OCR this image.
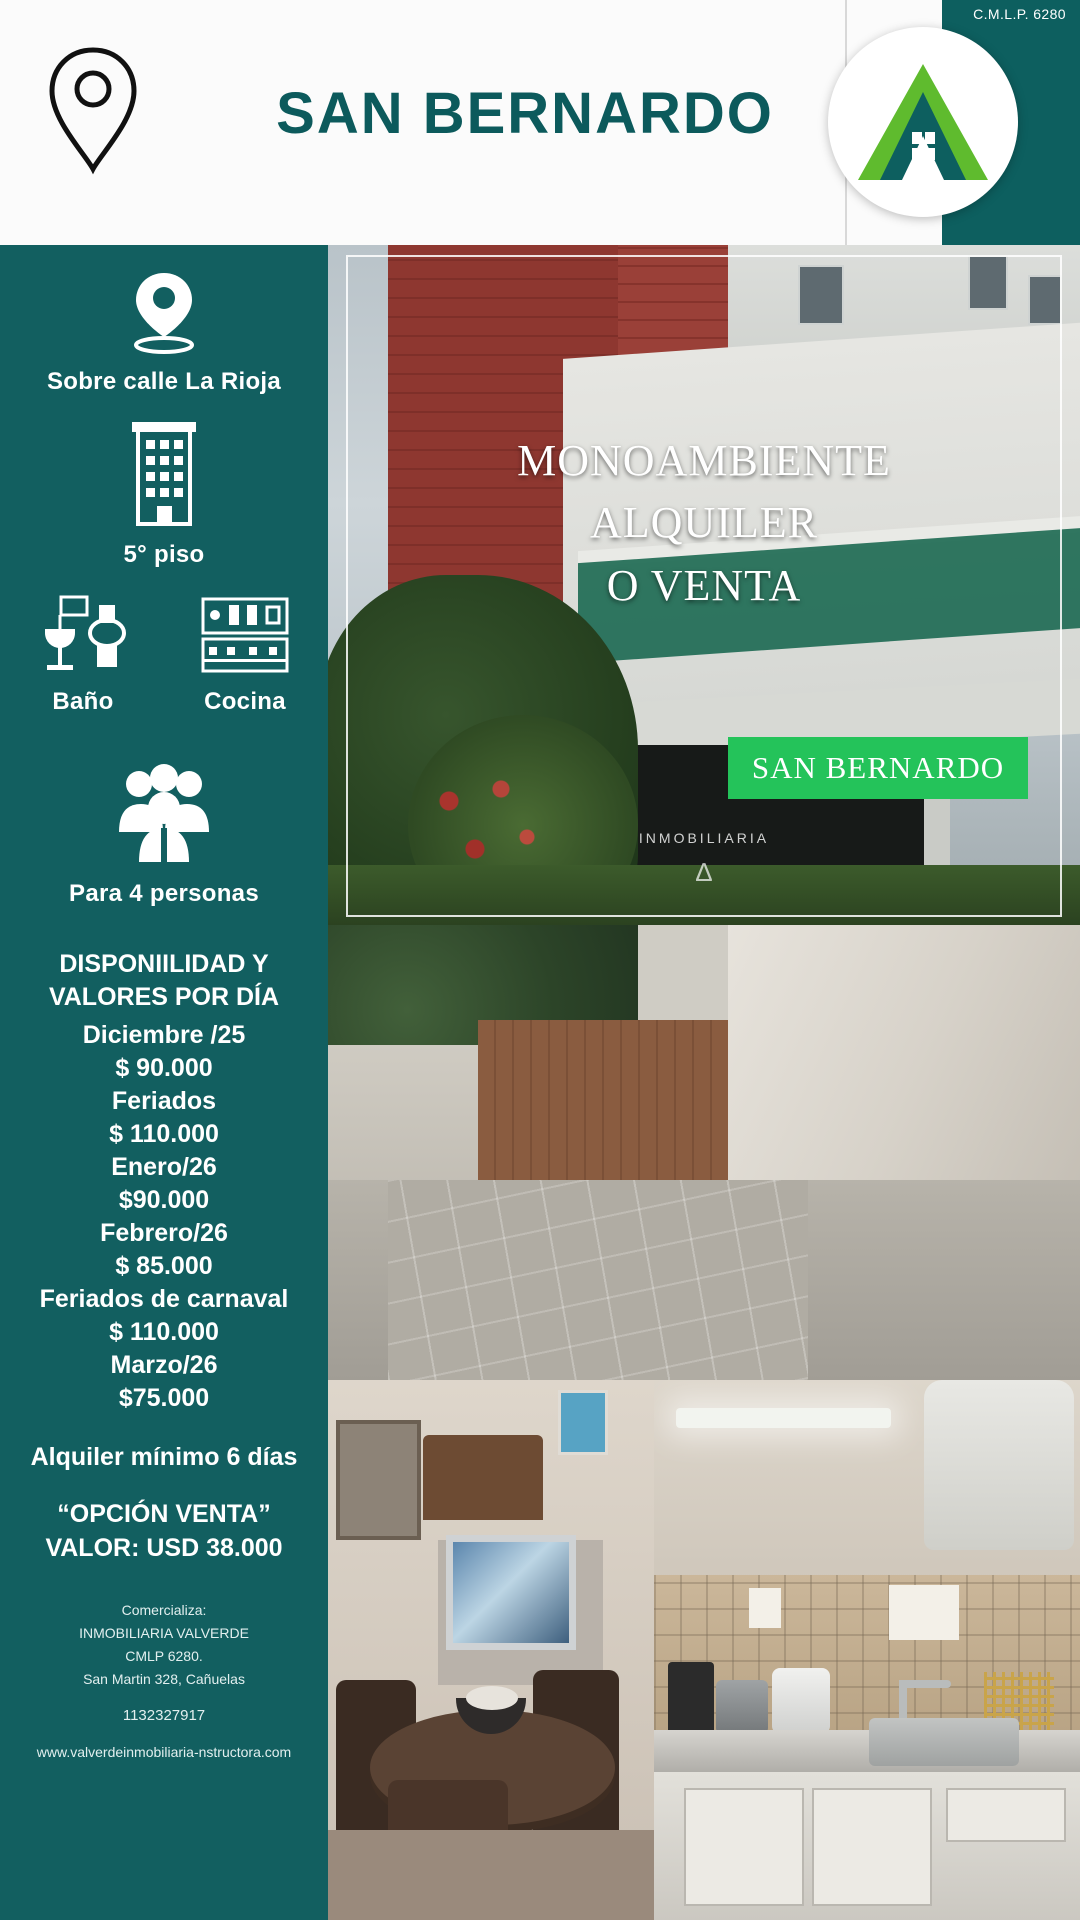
C.M.L.P. 6280
SAN BERNARDO
Sobre calle La Rioja
5° piso
Baño	Cocina
Para 4 personas
DISPONIILIDAD Y VALORES POR DÍA
Diciembre /25
$ 90.000
Feriados
$ 110.000
Enero/26
$90.000
Febrero/26
$ 85.000
Feriados de carnaval
$ 110.000
Marzo/26
$75.000
Alquiler mínimo 6 días
“OPCIÓN VENTA”
VALOR: USD 38.000
Comercializa:
INMOBILIARIA VALVERDE
CMLP 6280.
San Martin 328, Cañuelas
1132327917
www.valverdeinmobiliaria-nstructora.com
MONOAMBIENTE
ALQUILER
O VENTA
SAN BERNARDO
INMOBILIARIA
∆
